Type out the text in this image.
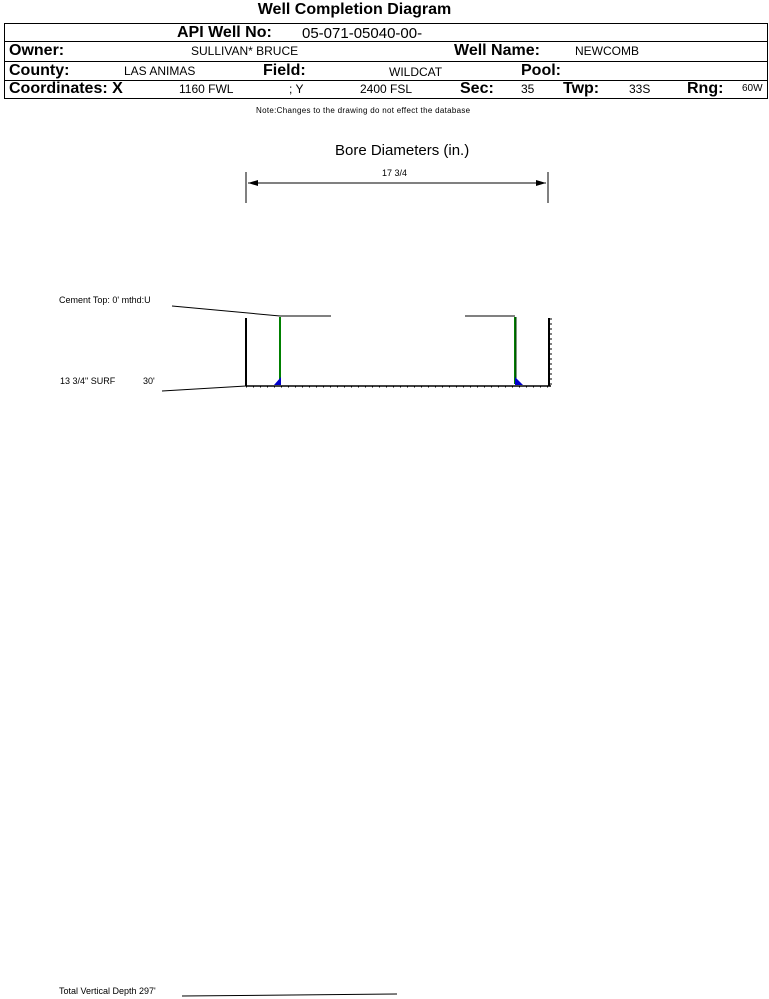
Well Completion Diagram
API Well No: 05-071-05040-00-
Owner:	SULLIVAN* BRUCE	Well Name:	NEWCOMB
County:	LAS ANIMAS	Field:	WILDCAT	Pool:
Coordinates: X	1160 FWL	; Y	2400 FSL	Sec: 35 Twp: 33S Rng: 60W
Note:Changes to the drawing do not effect the database
Bore Diameters (in.)
17 3/4
Cement Top: 0' mthd:U
13 3/4" SURF	30'
Total Vertical Depth 297'
